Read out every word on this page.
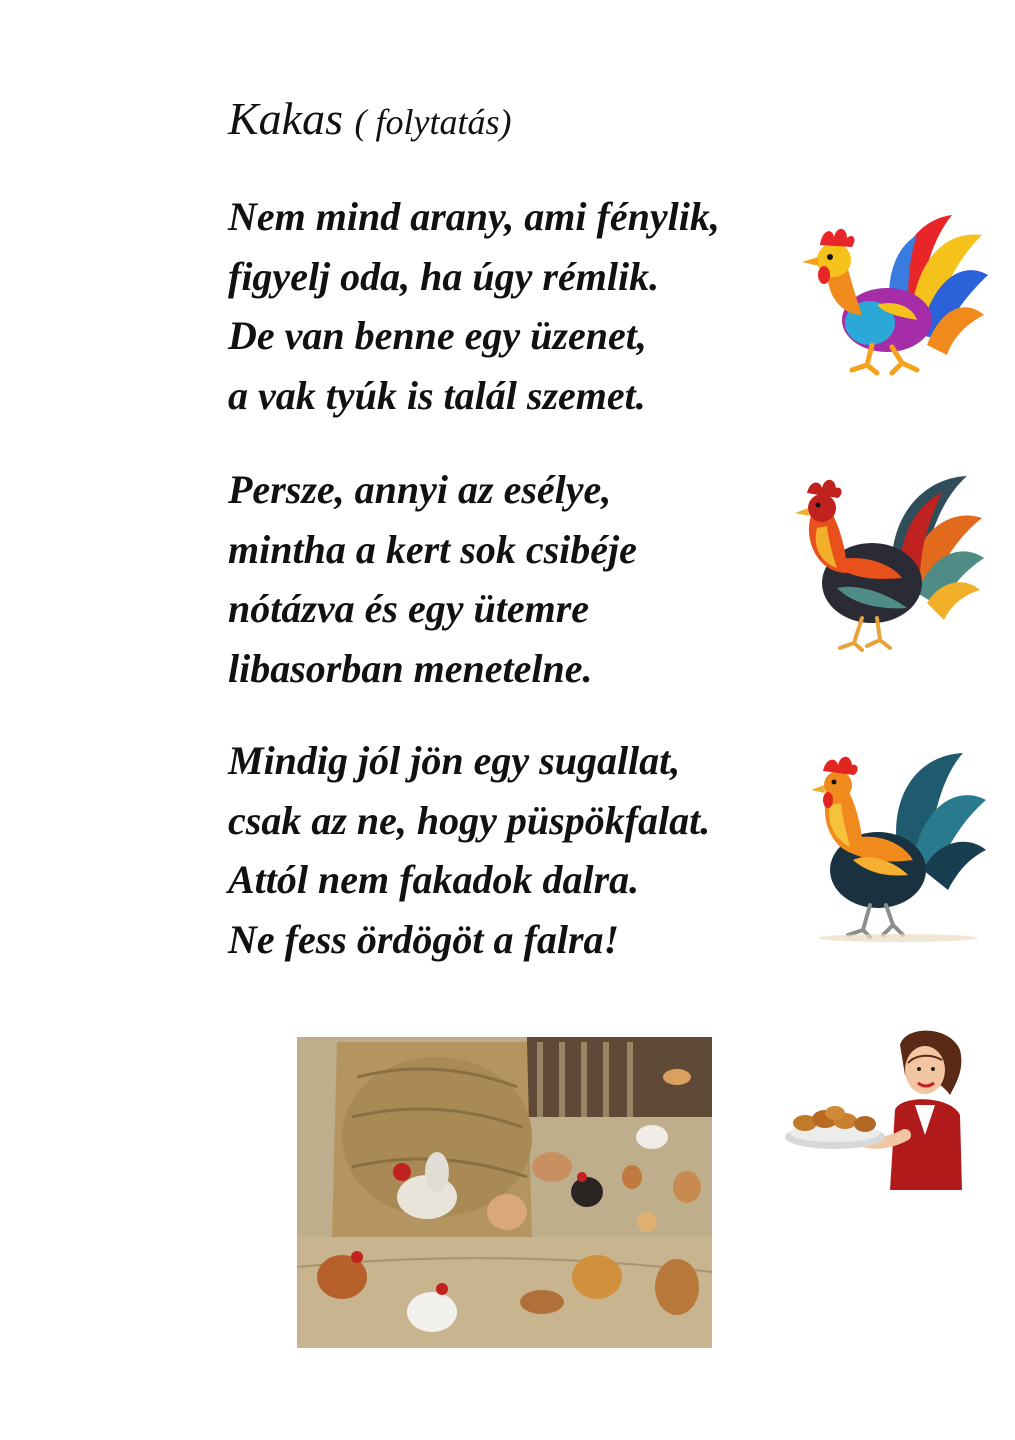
Kakas ( folytatás)
Nem mind arany, ami fénylik,
figyelj oda, ha úgy rémlik.
De van benne egy üzenet,
a vak tyúk is talál szemet.
Persze, annyi az esélye,
mintha a kert sok csibéje
nótázva és egy ütemre
libasorban menetelne.
Mindig jól jön egy sugallat,
csak az ne, hogy püspökfalat.
Attól nem fakadok dalra.
Ne fess ördögöt a falra!
